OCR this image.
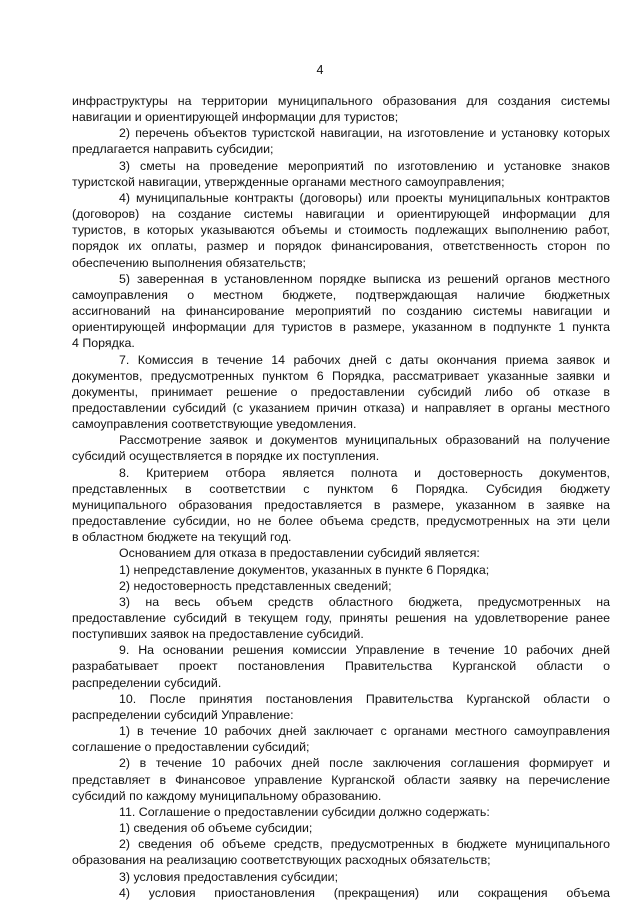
4
инфраструктуры на территории муниципального образования для создания системы
навигации и ориентирующей информации для туристов;
2) перечень объектов туристской навигации, на изготовление и установку которых
предлагается направить субсидии;
3) сметы на проведение мероприятий по изготовлению и установке знаков
туристской навигации, утвержденные органами местного самоуправления;
4) муниципальные контракты (договоры) или проекты муниципальных контрактов
(договоров) на создание системы навигации и ориентирующей информации для
туристов, в которых указываются объемы и стоимость подлежащих выполнению работ,
порядок их оплаты, размер и порядок финансирования, ответственность сторон по
обеспечению выполнения обязательств;
5) заверенная в установленном порядке выписка из решений органов местного
самоуправления о местном бюджете, подтверждающая наличие бюджетных
ассигнований на финансирование мероприятий по созданию системы навигации и
ориентирующей информации для туристов в размере, указанном в подпункте 1 пункта
4 Порядка.
7. Комиссия в течение 14 рабочих дней с даты окончания приема заявок и
документов, предусмотренных пунктом 6 Порядка, рассматривает указанные заявки и
документы, принимает решение о предоставлении субсидий либо об отказе в
предоставлении субсидий (с указанием причин отказа) и направляет в органы местного
самоуправления соответствующие уведомления.
Рассмотрение заявок и документов муниципальных образований на получение
субсидий осуществляется в порядке их поступления.
8. Критерием отбора является полнота и достоверность документов,
представленных в соответствии с пунктом 6 Порядка. Субсидия бюджету
муниципального образования предоставляется в размере, указанном в заявке на
предоставление субсидии, но не более объема средств, предусмотренных на эти цели
в областном бюджете на текущий год.
Основанием для отказа в предоставлении субсидий является:
1) непредставление документов, указанных в пункте 6 Порядка;
2) недостоверность представленных сведений;
3) на весь объем средств областного бюджета, предусмотренных на
предоставление субсидий в текущем году, приняты решения на удовлетворение ранее
поступивших заявок на предоставление субсидий.
9. На основании решения комиссии Управление в течение 10 рабочих дней
разрабатывает проект постановления Правительства Курганской области о
распределении субсидий.
10. После принятия постановления Правительства Курганской области о
распределении субсидий Управление:
1) в течение 10 рабочих дней заключает с органами местного самоуправления
соглашение о предоставлении субсидий;
2) в течение 10 рабочих дней после заключения соглашения формирует и
представляет в Финансовое управление Курганской области заявку на перечисление
субсидий по каждому муниципальному образованию.
11. Соглашение о предоставлении субсидии должно содержать:
1) сведения об объеме субсидии;
2) сведения об объеме средств, предусмотренных в бюджете муниципального
образования на реализацию соответствующих расходных обязательств;
3) условия предоставления субсидии;
4) условия приостановления (прекращения) или сокращения объема
